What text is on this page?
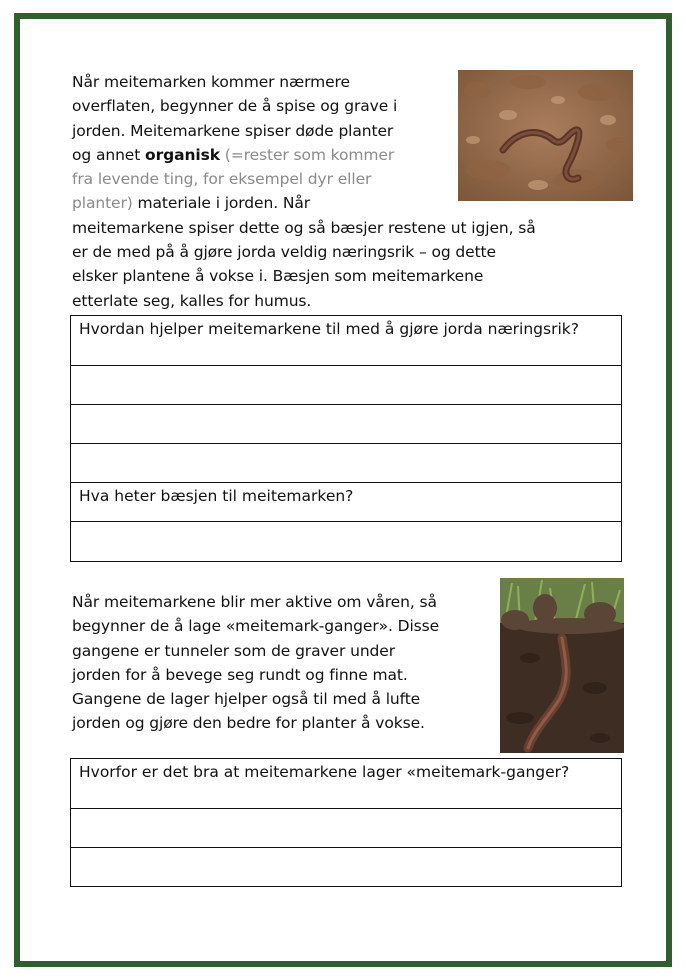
Når meitemarken kommer nærmere
overflaten, begynner de å spise og grave i
jorden. Meitemarkene spiser døde planter
og annet organisk (=rester som kommer
fra levende ting, for eksempel dyr eller
planter) materiale i jorden. Når
meitemarkene spiser dette og så bæsjer restene ut igjen, så
er de med på å gjøre jorda veldig næringsrik – og dette
elsker plantene å vokse i. Bæsjen som meitemarkene
etterlate seg, kalles for humus.

Hvordan hjelper meitemarkene til med å gjøre jorda næringsrik?

Hva heter bæsjen til meitemarken?

Når meitemarkene blir mer aktive om våren, så
begynner de å lage «meitemark-ganger». Disse
gangene er tunneler som de graver under
jorden for å bevege seg rundt og finne mat.
Gangene de lager hjelper også til med å lufte
jorden og gjøre den bedre for planter å vokse.

Hvorfor er det bra at meitemarkene lager «meitemark-ganger?
